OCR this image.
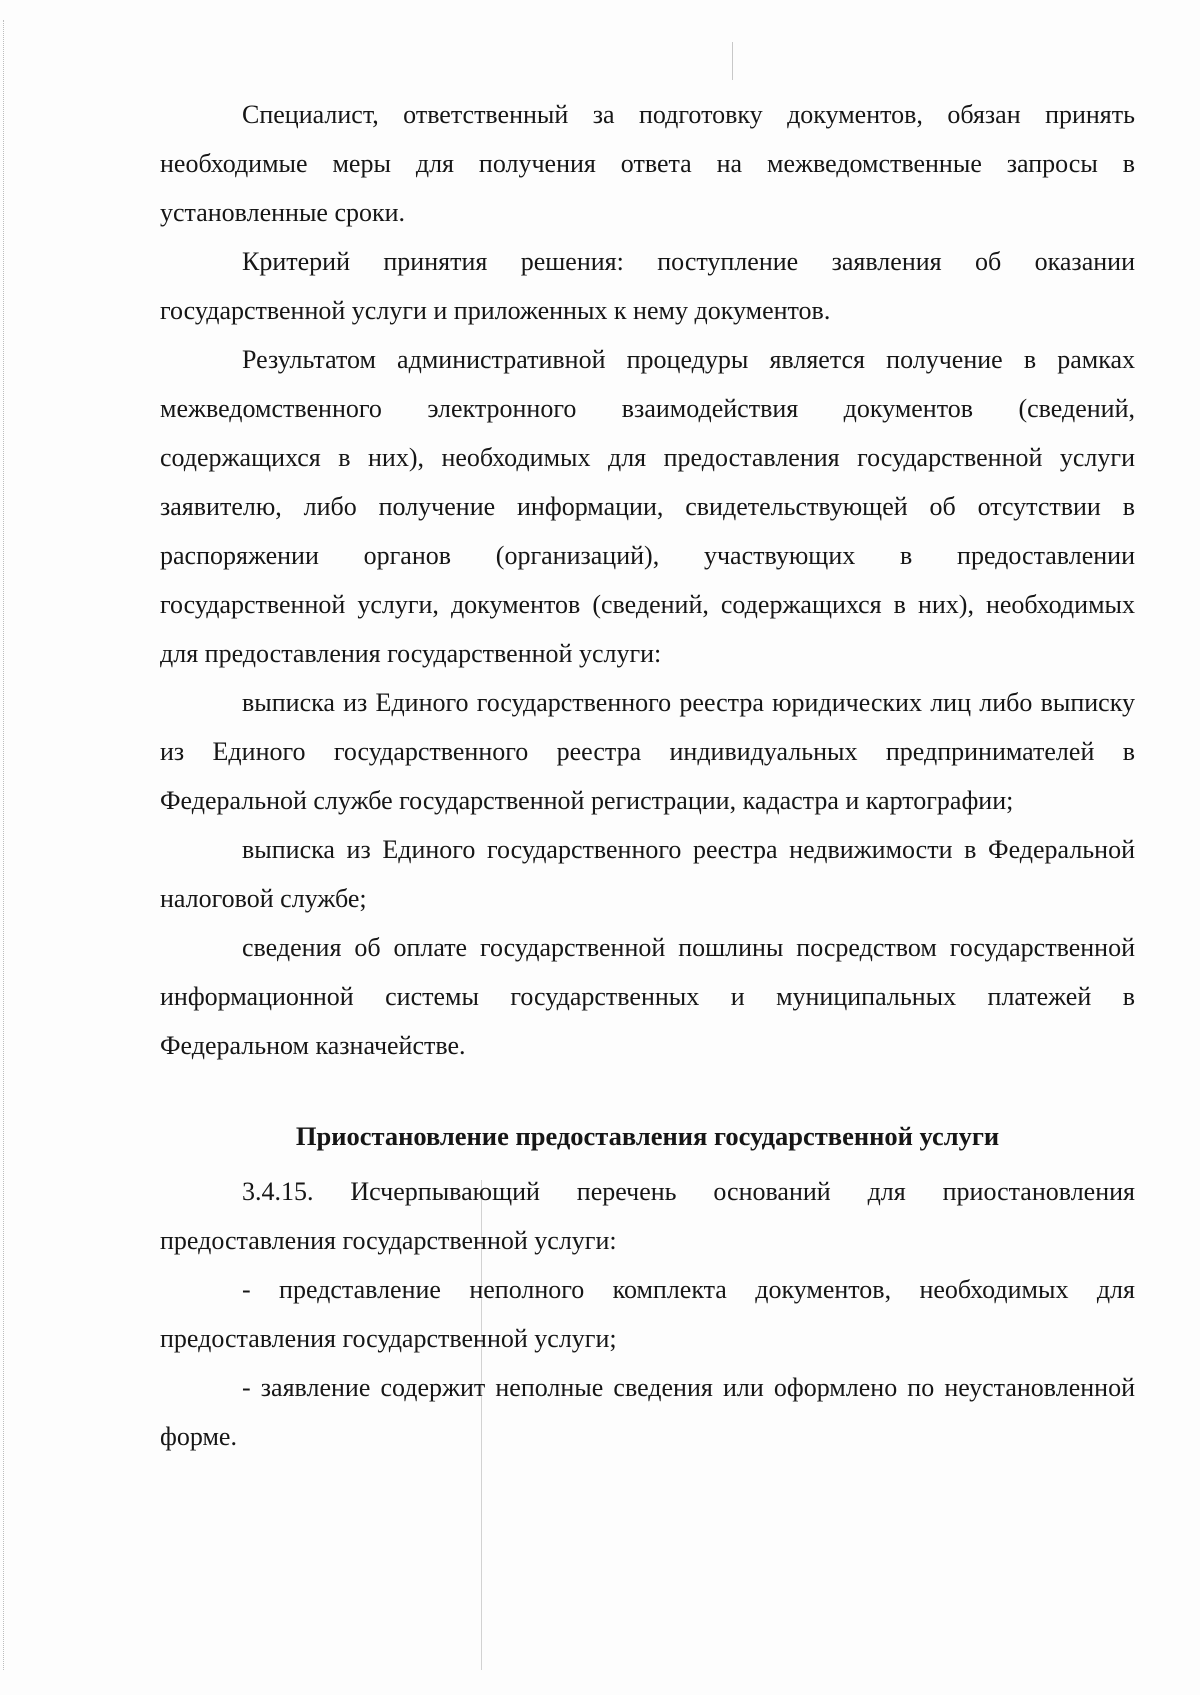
Специалист, ответственный за подготовку документов, обязан принять необходимые меры для получения ответа на межведомственные запросы в установленные сроки.

Критерий принятия решения: поступление заявления об оказании государственной услуги и приложенных к нему документов.

Результатом административной процедуры является получение в рамках межведомственного электронного взаимодействия документов (сведений, содержащихся в них), необходимых для предоставления государственной услуги заявителю, либо получение информации, свидетельствующей об отсутствии в распоряжении органов (организаций), участвующих в предоставлении государственной услуги, документов (сведений, содержащихся в них), необходимых для предоставления государственной услуги:

выписка из Единого государственного реестра юридических лиц либо выписку из Единого государственного реестра индивидуальных предпринимателей в Федеральной службе государственной регистрации, кадастра и картографии;

выписка из Единого государственного реестра недвижимости в Федеральной налоговой службе;

сведения об оплате государственной пошлины посредством государственной информационной системы государственных и муниципальных платежей в Федеральном казначействе.

Приостановление предоставления государственной услуги

3.4.15. Исчерпывающий перечень оснований для приостановления предоставления государственной услуги:

- представление неполного комплекта документов, необходимых для предоставления государственной услуги;

- заявление содержит неполные сведения или оформлено по неустановленной форме.
